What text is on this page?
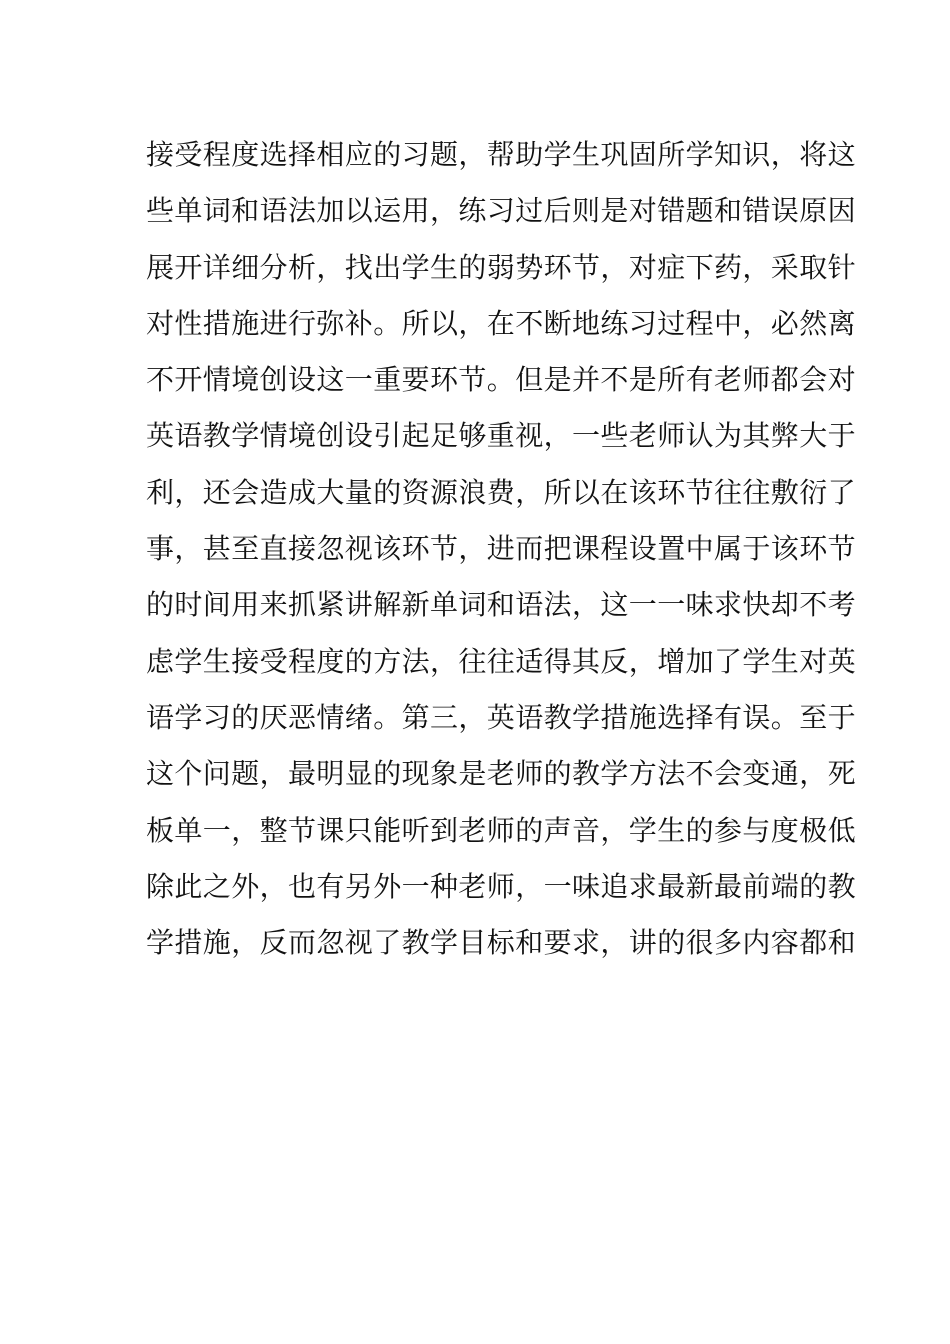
接受程度选择相应的习题，帮助学生巩固所学知识，将这
些单词和语法加以运用，练习过后则是对错题和错误原因
展开详细分析，找出学生的弱势环节，对症下药，采取针
对性措施进行弥补。所以，在不断地练习过程中，必然离
不开情境创设这一重要环节。但是并不是所有老师都会对
英语教学情境创设引起足够重视，一些老师认为其弊大于
利，还会造成大量的资源浪费，所以在该环节往往敷衍了
事，甚至直接忽视该环节，进而把课程设置中属于该环节
的时间用来抓紧讲解新单词和语法，这一一味求快却不考
虑学生接受程度的方法，往往适得其反，增加了学生对英
语学习的厌恶情绪。第三，英语教学措施选择有误。至于
这个问题，最明显的现象是老师的教学方法不会变通，死
板单一，整节课只能听到老师的声音，学生的参与度极低
除此之外，也有另外一种老师，一味追求最新最前端的教
学措施，反而忽视了教学目标和要求，讲的很多内容都和
